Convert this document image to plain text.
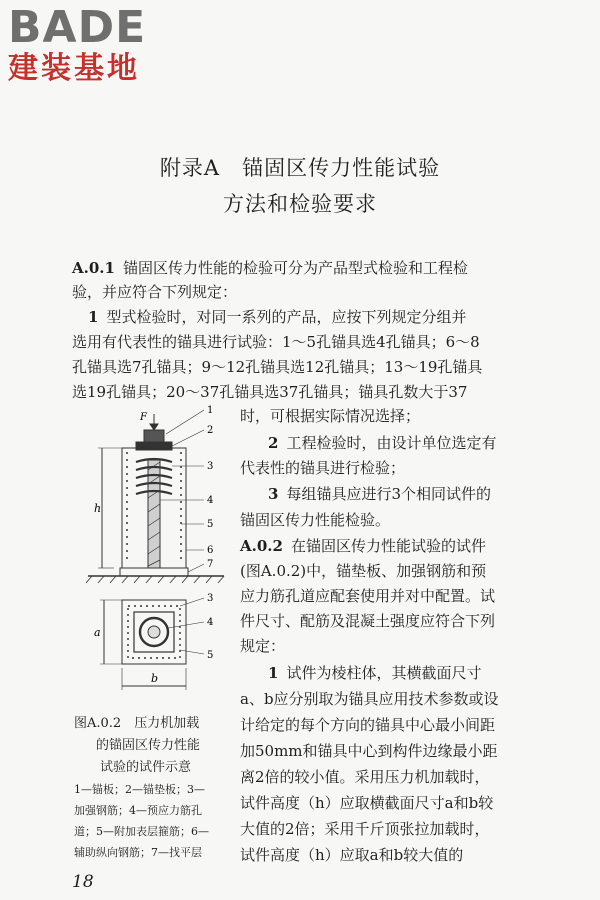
BADE
建装基地
附录A　锚固区传力性能试验
方法和检验要求
A.0.1 锚固区传力性能的检验可分为产品型式检验和工程检
验，并应符合下列规定：
1 型式检验时，对同一系列的产品，应按下列规定分组并
选用有代表性的锚具进行试验：1～5孔锚具选4孔锚具；6～8
孔锚具选7孔锚具；9～12孔锚具选12孔锚具；13～19孔锚具
选19孔锚具；20～37孔锚具选37孔锚具；锚具孔数大于37
时，可根据实际情况选择；
2 工程检验时，由设计单位选定有
代表性的锚具进行检验；
3 每组锚具应进行3个相同试件的
锚固区传力性能检验。
A.0.2 在锚固区传力性能试验的试件
(图A.0.2)中，锚垫板、加强钢筋和预
应力筋孔道应配套使用并对中配置。试
件尺寸、配筋及混凝土强度应符合下列
规定：
1 试件为棱柱体，其横截面尺寸
a、b应分别取为锚具应用技术参数或设
计给定的每个方向的锚具中心最小间距
加50mm和锚具中心到构件边缘最小距
离2倍的较小值。采用压力机加载时，
试件高度（h）应取横截面尺寸a和b较
大值的2倍；采用千斤顶张拉加载时，
试件高度（h）应取a和b较大值的
F
h
1
2
3
4
5
6
7
a
b
3
4
5
图A.0.2　压力机加载
的锚固区传力性能
试验的试件示意
1—锚板；2—锚垫板；3—
加强钢筋；4—预应力筋孔
道；5—附加表层箍筋；6—
辅助纵向钢筋；7—找平层
18
